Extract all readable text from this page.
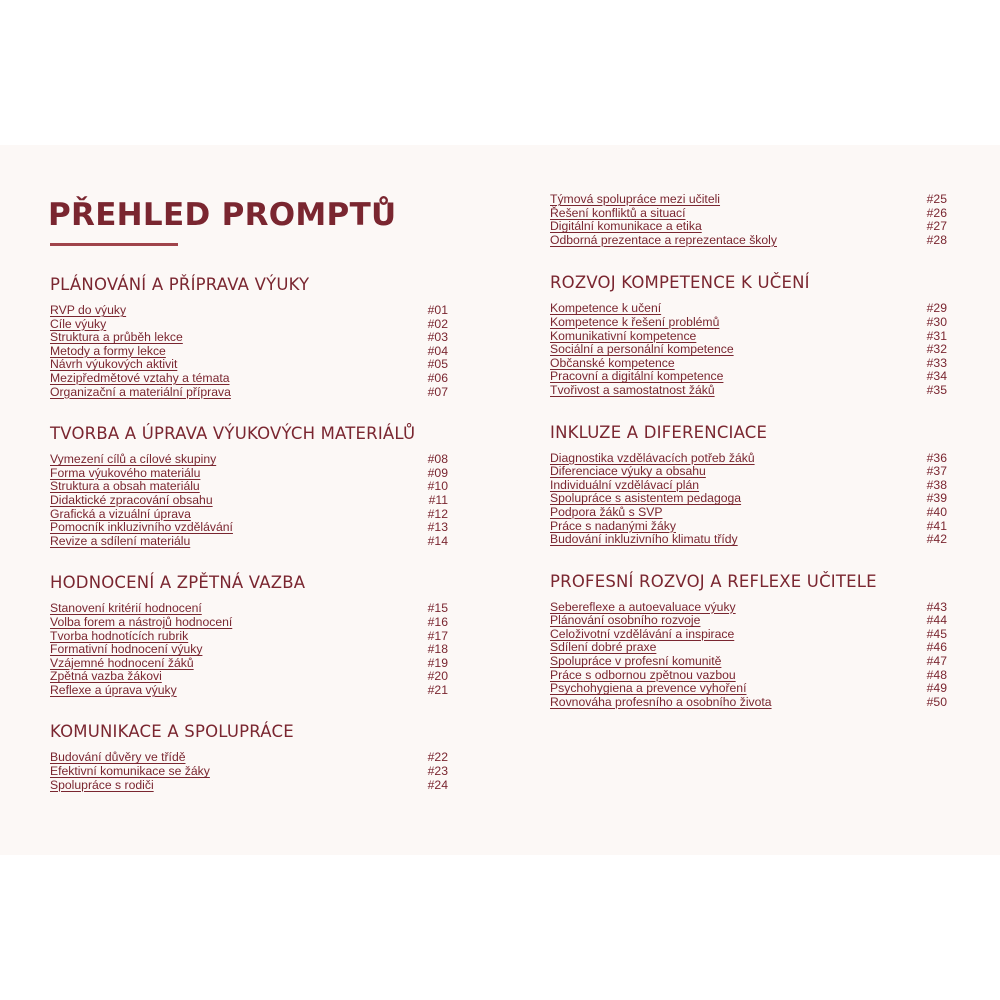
PŘEHLED PROMPTŮ
PLÁNOVÁNÍ A PŘÍPRAVA VÝUKY
RVP do výuky	#01
Cíle výuky	#02
Struktura a průběh lekce	#03
Metody a formy lekce	#04
Návrh výukových aktivit	#05
Mezipředmětové vztahy a témata	#06
Organizační a materiální příprava	#07
TVORBA A ÚPRAVA VÝUKOVÝCH MATERIÁLŮ
Vymezení cílů a cílové skupiny	#08
Forma výukového materiálu	#09
Struktura a obsah materiálu	#10
Didaktické zpracování obsahu	#11
Grafická a vizuální úprava	#12
Pomocník inkluzivního vzdělávání	#13
Revize a sdílení materiálu	#14
HODNOCENÍ A ZPĚTNÁ VAZBA
Stanovení kritérií hodnocení	#15
Volba forem a nástrojů hodnocení	#16
Tvorba hodnotících rubrik	#17
Formativní hodnocení výuky	#18
Vzájemné hodnocení žáků	#19
Zpětná vazba žákovi	#20
Reflexe a úprava výuky	#21
KOMUNIKACE A SPOLUPRÁCE
Budování důvěry ve třídě	#22
Efektivní komunikace se žáky	#23
Spolupráce s rodiči	#24
Týmová spolupráce mezi učiteli	#25
Řešení konfliktů a situací	#26
Digitální komunikace a etika	#27
Odborná prezentace a reprezentace školy	#28
ROZVOJ KOMPETENCE K UČENÍ
Kompetence k učení	#29
Kompetence k řešení problémů	#30
Komunikativní kompetence	#31
Sociální a personální kompetence	#32
Občanské kompetence	#33
Pracovní a digitální kompetence	#34
Tvořivost a samostatnost žáků	#35
INKLUZE A DIFERENCIACE
Diagnostika vzdělávacích potřeb žáků	#36
Diferenciace výuky a obsahu	#37
Individuální vzdělávací plán	#38
Spolupráce s asistentem pedagoga	#39
Podpora žáků s SVP	#40
Práce s nadanými žáky	#41
Budování inkluzivního klimatu třídy	#42
PROFESNÍ ROZVOJ A REFLEXE UČITELE
Sebereflexe a autoevaluace výuky	#43
Plánování osobního rozvoje	#44
Celoživotní vzdělávání a inspirace	#45
Sdílení dobré praxe	#46
Spolupráce v profesní komunitě	#47
Práce s odbornou zpětnou vazbou	#48
Psychohygiena a prevence vyhoření	#49
Rovnováha profesního a osobního života	#50
